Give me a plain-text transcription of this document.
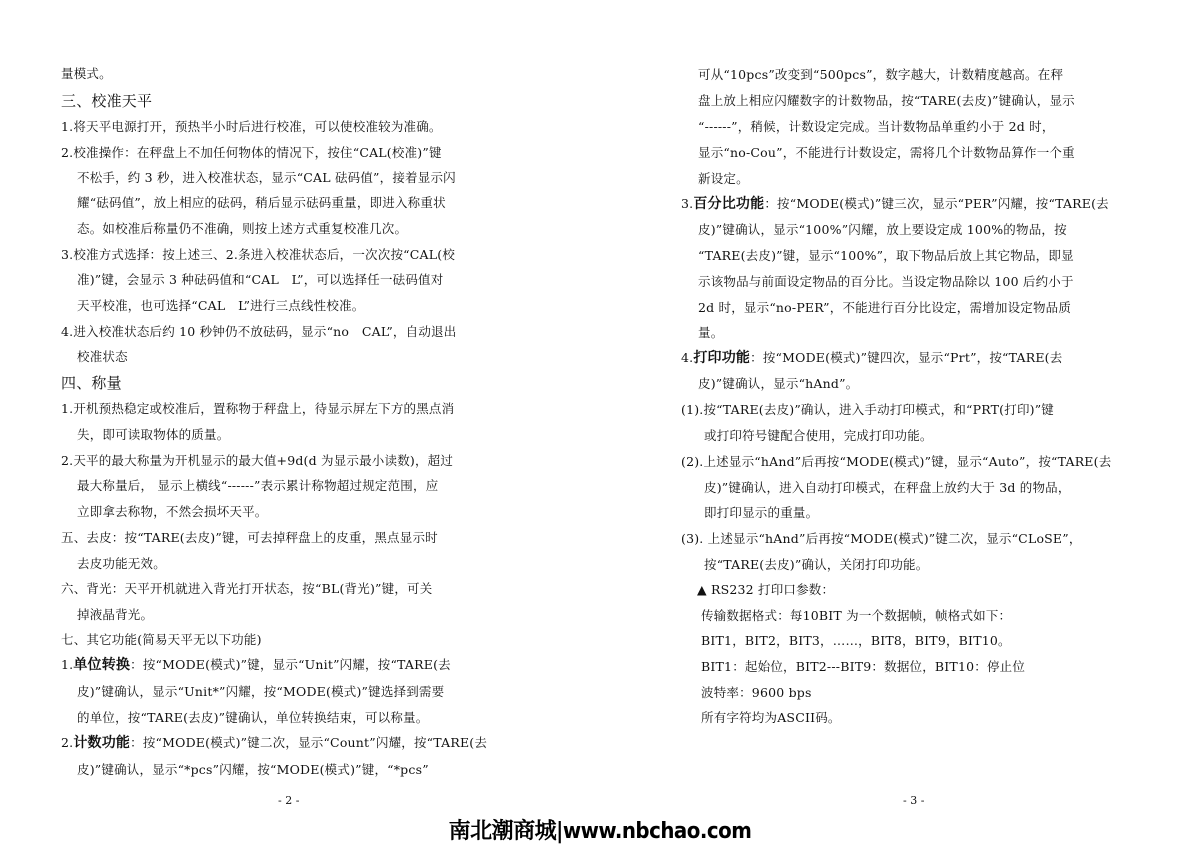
量模式。
三、校准天平
1.将天平电源打开，预热半小时后进行校准，可以使校准较为准确。
2.校准操作：在秤盘上不加任何物体的情况下，按住“CAL(校准)”键
不松手，约 3 秒，进入校准状态，显示“CAL 砝码值”，接着显示闪
耀“砝码值”，放上相应的砝码，稍后显示砝码重量，即进入称重状
态。如校准后称量仍不准确，则按上述方式重复校准几次。
3.校准方式选择：按上述三、2.条进入校准状态后，一次次按“CAL(校
准)”键，会显示 3 种砝码值和“CAL　L”，可以选择任一砝码值对
天平校准，也可选择“CAL　L”进行三点线性校准。
4.进入校准状态后约 10 秒钟仍不放砝码，显示“no　CAL”，自动退出
校准状态
四、称量
1.开机预热稳定或校准后，置称物于秤盘上，待显示屏左下方的黑点消
失，即可读取物体的质量。
2.天平的最大称量为开机显示的最大值+9d(d 为显示最小读数)，超过
最大称量后， 显示上横线“------”表示累计称物超过规定范围，应
立即拿去称物，不然会损坏天平。
五、去皮：按“TARE(去皮)”键，可去掉秤盘上的皮重，黑点显示时
去皮功能无效。
六、背光：天平开机就进入背光打开状态，按“BL(背光)”键，可关
掉液晶背光。
七、其它功能(简易天平无以下功能)
1.单位转换：按“MODE(模式)”键，显示“Unit”闪耀，按“TARE(去
皮)”键确认，显示“Unit*”闪耀，按“MODE(模式)”键选择到需要
的单位，按“TARE(去皮)”键确认，单位转换结束，可以称量。
2.计数功能：按“MODE(模式)”键二次，显示“Count”闪耀，按“TARE(去
皮)”键确认，显示“*pcs”闪耀，按“MODE(模式)”键，“*pcs”
- 2 -
可从“10pcs”改变到“500pcs”，数字越大，计数精度越高。在秤
盘上放上相应闪耀数字的计数物品，按“TARE(去皮)”键确认，显示
“------”，稍候，计数设定完成。当计数物品单重约小于 2d 时，
显示“no-Cou”，不能进行计数设定，需将几个计数物品算作一个重
新设定。
3.百分比功能：按“MODE(模式)”键三次，显示“PER”闪耀，按“TARE(去
皮)”键确认，显示“100%”闪耀，放上要设定成 100%的物品，按
“TARE(去皮)”键，显示“100%”，取下物品后放上其它物品，即显
示该物品与前面设定物品的百分比。当设定物品除以 100 后约小于
2d 时，显示“no-PER”，不能进行百分比设定，需增加设定物品质
量。
4.打印功能：按“MODE(模式)”键四次，显示“Prt”，按“TARE(去
皮)”键确认，显示“hAnd”。
(1).按“TARE(去皮)”确认，进入手动打印模式，和“PRT(打印)”键
或打印符号键配合使用，完成打印功能。
(2).上述显示“hAnd”后再按“MODE(模式)”键，显示“Auto”，按“TARE(去
皮)”键确认，进入自动打印模式，在秤盘上放约大于 3d 的物品，
即打印显示的重量。
(3). 上述显示“hAnd”后再按“MODE(模式)”键二次，显示“CLoSE”，
按“TARE(去皮)”确认，关闭打印功能。
▲ RS232 打印口参数：
传输数据格式：每10BIT 为一个数据帧，帧格式如下：
BIT1，BIT2，BIT3，……，BIT8，BIT9，BIT10。
BIT1：起始位，BIT2---BIT9：数据位，BIT10：停止位
波特率：9600 bps
所有字符均为ASCII码。
- 3 -
南北潮商城|www.nbchao.com
